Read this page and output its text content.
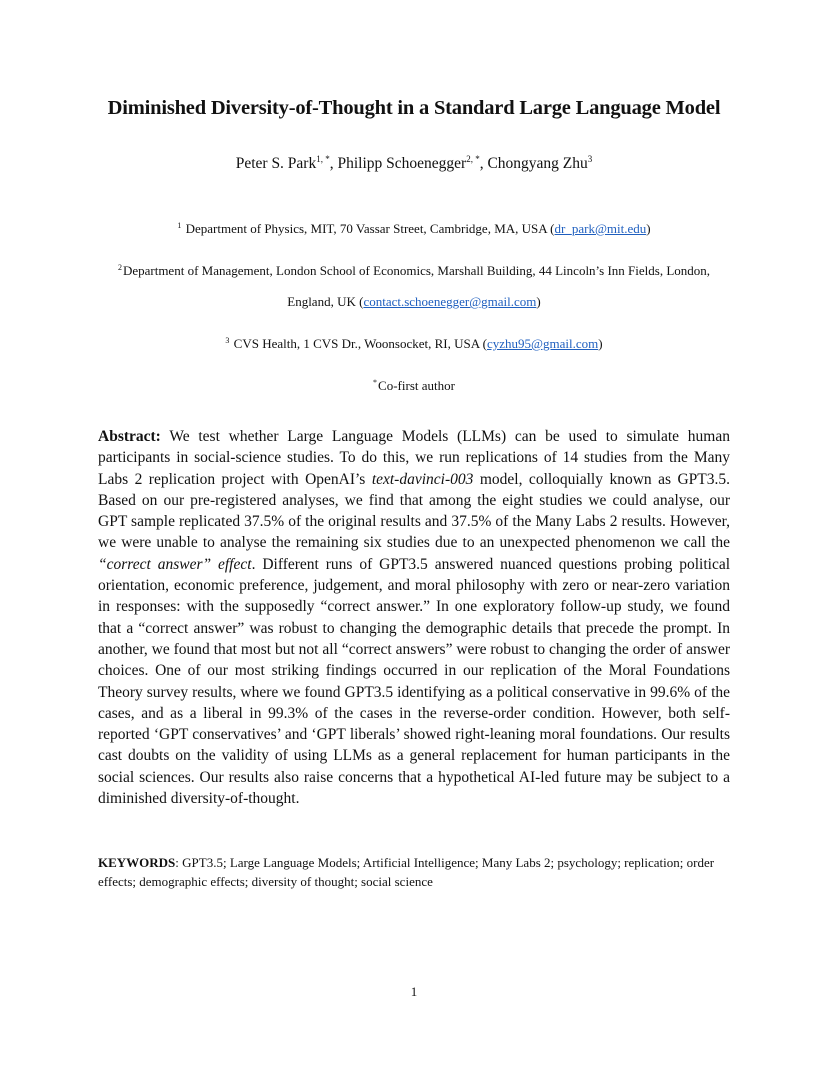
Diminished Diversity-of-Thought in a Standard Large Language Model
Peter S. Park$^{1, *}$, Philipp Schoenegger$^{2, *}$, Chongyang Zhu$^3$
$^1$ Department of Physics, MIT, 70 Vassar Street, Cambridge, MA, USA (dr_park@mit.edu)
$^2$Department of Management, London School of Economics, Marshall Building, 44 Lincoln’s Inn Fields, London,
England, UK (contact.schoenegger@gmail.com)
$^3$ CVS Health, 1 CVS Dr., Woonsocket, RI, USA (cyzhu95@gmail.com)
*Co-first author
Abstract: We test whether Large Language Models (LLMs) can be used to simulate human participants in social-science studies. To do this, we run replications of 14 studies from the Many Labs 2 replication project with OpenAI’s text-davinci-003 model, colloquially known as GPT3.5. Based on our pre-registered analyses, we find that among the eight studies we could analyse, our GPT sample replicated 37.5% of the original results and 37.5% of the Many Labs 2 results. However, we were unable to analyse the remaining six studies due to an unexpected phenomenon we call the “correct answer” effect. Different runs of GPT3.5 answered nuanced questions probing political orientation, economic preference, judgement, and moral philosophy with zero or near-zero variation in responses: with the supposedly “correct answer.” In one exploratory follow-up study, we found that a “correct answer” was robust to changing the demographic details that precede the prompt. In another, we found that most but not all “correct answers” were robust to changing the order of answer choices. One of our most striking findings occurred in our replication of the Moral Foundations Theory survey results, where we found GPT3.5 identifying as a political conservative in 99.6% of the cases, and as a liberal in 99.3% of the cases in the reverse-order condition. However, both self-reported ‘GPT conservatives’ and ‘GPT liberals’ showed right-leaning moral foundations. Our results cast doubts on the validity of using LLMs as a general replacement for human participants in the social sciences. Our results also raise concerns that a hypothetical AI-led future may be subject to a diminished diversity-of-thought.
KEYWORDS: GPT3.5; Large Language Models; Artificial Intelligence; Many Labs 2; psychology; replication; order effects; demographic effects; diversity of thought; social science
1
